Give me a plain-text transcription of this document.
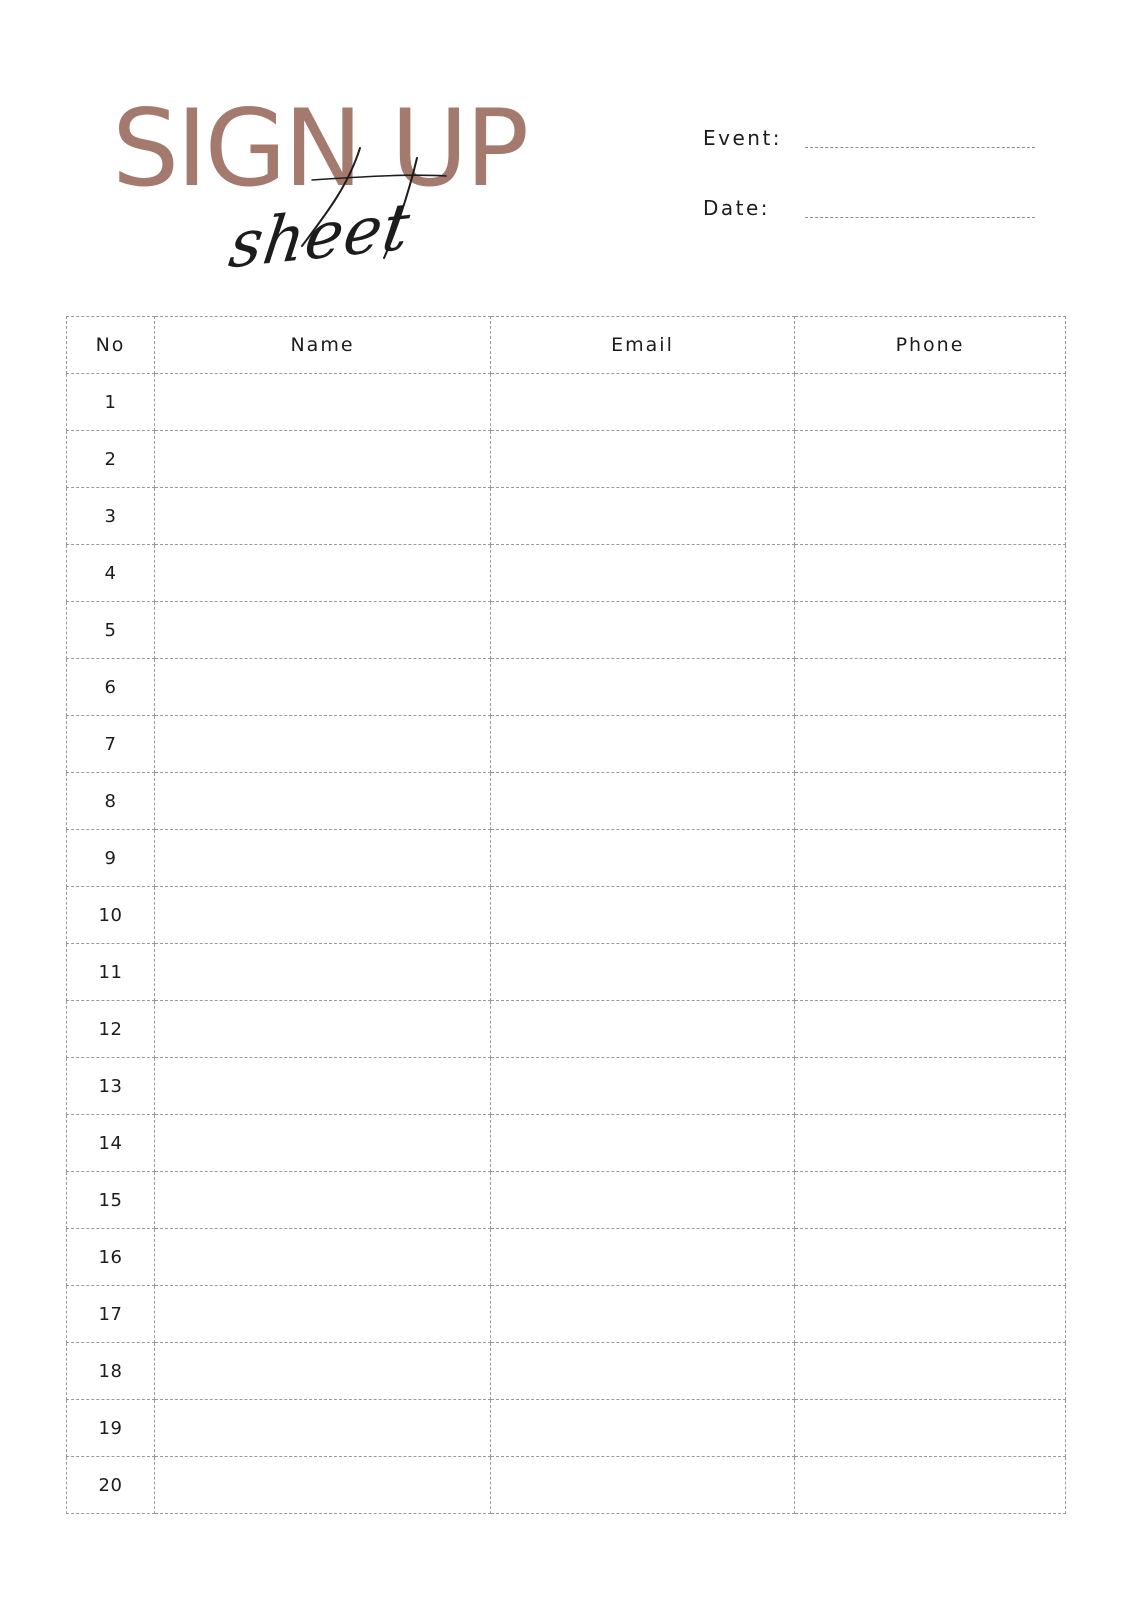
SIGN UP
sheet
Event:
Date:
No	Name	Email	Phone
1			
2			
3			
4			
5			
6			
7			
8			
9			
10			
11			
12			
13			
14			
15			
16			
17			
18			
19			
20			
